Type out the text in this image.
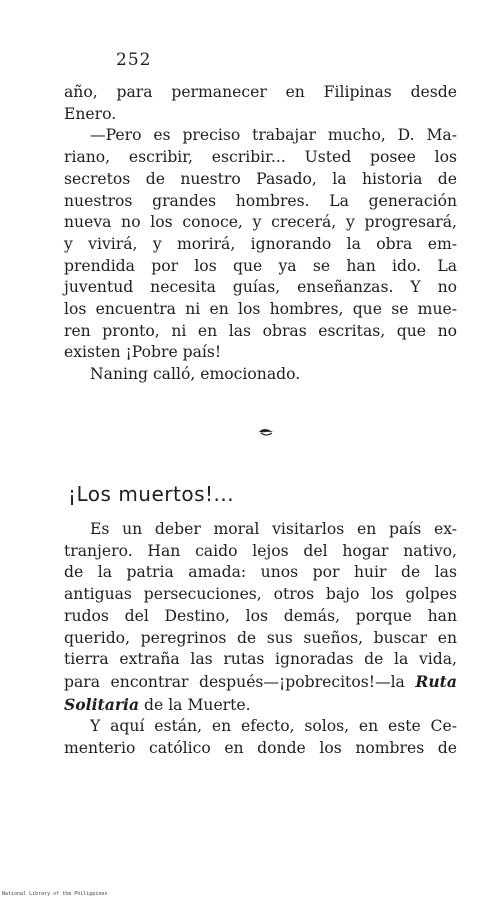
252
año, para permanecer en Filipinas desde
Enero.
—Pero es preciso trabajar mucho, D. Ma-
riano, escribir, escribir... Usted posee los
secretos de nuestro Pasado, la historia de
nuestros grandes hombres. La generación
nueva no los conoce, y crecerá, y progresará,
y vivirá, y morirá, ignorando la obra em-
prendida por los que ya se han ido. La
juventud necesita guías, enseñanzas. Y no
los encuentra ni en los hombres, que se mue-
ren pronto, ni en las obras escritas, que no
existen ¡Pobre país!
Naning calló, emocionado.
¡Los muertos!...
Es un deber moral visitarlos en país ex-
tranjero. Han caido lejos del hogar nativo,
de la patria amada: unos por huir de las
antiguas persecuciones, otros bajo los golpes
rudos del Destino, los demás, porque han
querido, peregrinos de sus sueños, buscar en
tierra extraña las rutas ignoradas de la vida,
para encontrar después—¡pobrecitos!—la Ruta
Solitaria de la Muerte.
Y aquí están, en efecto, solos, en este Ce-
menterio católico en donde los nombres de
National Library of the Philippines
